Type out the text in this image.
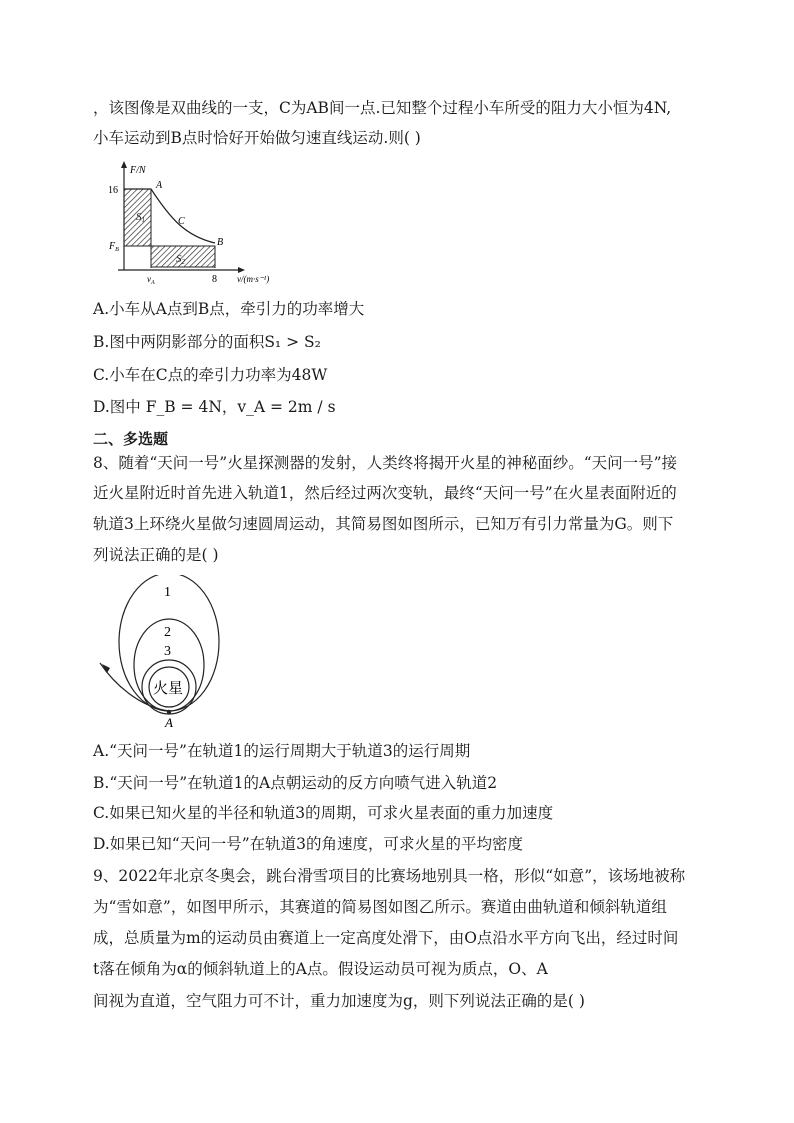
，该图像是双曲线的一支，C为AB间一点.已知整个过程小车所受的阻力大小恒为4N,
小车运动到B点时恰好开始做匀速直线运动.则( )
F/N
16
$F_B$
A
C
B
S1
S2
$v_A$	8 v/(m·s⁻¹)
A.小车从A点到B点，牵引力的功率增大
B.图中两阴影部分的面积S₁ > S₂
C.小车在C点的牵引力功率为48W
D.图中 F_B = 4N，v_A = 2m / s
二、多选题
8、随着“天问一号”火星探测器的发射，人类终将揭开火星的神秘面纱。“天问一号”接
近火星附近时首先进入轨道1，然后经过两次变轨，最终“天问一号”在火星表面附近的
轨道3上环绕火星做匀速圆周运动，其简易图如图所示，已知万有引力常量为G。则下
列说法正确的是( )
1
2
3
火星
A
A.“天问一号”在轨道1的运行周期大于轨道3的运行周期
B.“天问一号”在轨道1的A点朝运动的反方向喷气进入轨道2
C.如果已知火星的半径和轨道3的周期，可求火星表面的重力加速度
D.如果已知“天问一号”在轨道3的角速度，可求火星的平均密度
9、2022年北京冬奥会，跳台滑雪项目的比赛场地别具一格，形似“如意”，该场地被称
为“雪如意”，如图甲所示，其赛道的简易图如图乙所示。赛道由曲轨道和倾斜轨道组
成，总质量为m的运动员由赛道上一定高度处滑下，由O点沿水平方向飞出，经过时间
t落在倾角为α的倾斜轨道上的A点。假设运动员可视为质点，O、A
间视为直道，空气阻力可不计，重力加速度为g，则下列说法正确的是( )
